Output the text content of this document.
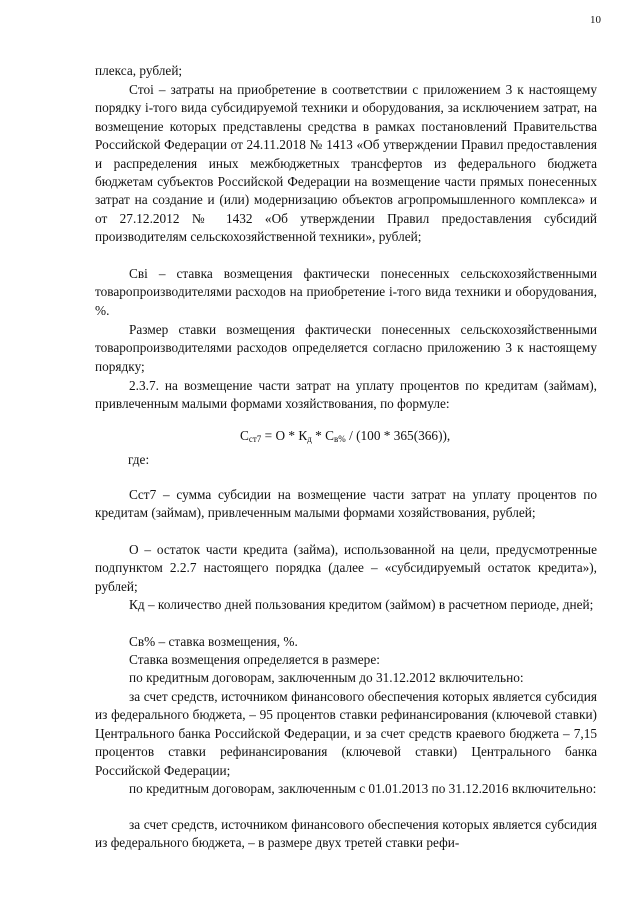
10

плекса, рублей;

Cтоi – затраты на приобретение в соответствии с приложением 3 к настоящему порядку i-того вида субсидируемой техники и оборудования, за исключением затрат, на возмещение которых представлены средства в рамках постановлений Правительства Российской Федерации от 24.11.2018 № 1413 «Об утверждении Правил предоставления и распределения иных межбюджетных трансфертов из федерального бюджета бюджетам субъектов Российской Федерации на возмещение части прямых понесенных затрат на создание и (или) модернизацию объектов агропромышленного комплекса» и от 27.12.2012 № 1432 «Об утверждении Правил предоставления субсидий производителям сельскохозяйственной техники», рублей;

Cвi – ставка возмещения фактически понесенных сельскохозяйственными товаропроизводителями расходов на приобретение i-того вида техники и оборудования, %.

Размер ставки возмещения фактически понесенных сельскохозяйственными товаропроизводителями расходов определяется согласно приложению 3 к настоящему порядку;

2.3.7. на возмещение части затрат на уплату процентов по кредитам (займам), привлеченным малыми формами хозяйствования, по формуле:

$С_{ст7} = О * К_д * С_{в\%} / (100 * 365(366))$,
где:

Cст7 – сумма субсидии на возмещение части затрат на уплату процентов по кредитам (займам), привлеченным малыми формами хозяйствования, рублей;

О – остаток части кредита (займа), использованной на цели, предусмотренные подпунктом 2.2.7 настоящего порядка (далее – «субсидируемый остаток кредита»), рублей;

Кд – количество дней пользования кредитом (займом) в расчетном периоде, дней;

Cв% – ставка возмещения, %.

Ставка возмещения определяется в размере:

по кредитным договорам, заключенным до 31.12.2012 включительно:

за счет средств, источником финансового обеспечения которых является субсидия из федерального бюджета, – 95 процентов ставки рефинансирования (ключевой ставки) Центрального банка Российской Федерации, и за счет средств краевого бюджета – 7,15 процентов ставки рефинансирования (ключевой ставки) Центрального банка Российской Федерации;

по кредитным договорам, заключенным с 01.01.2013 по 31.12.2016 включительно:

за счет средств, источником финансового обеспечения которых является субсидия из федерального бюджета, – в размере двух третей ставки рефи-
